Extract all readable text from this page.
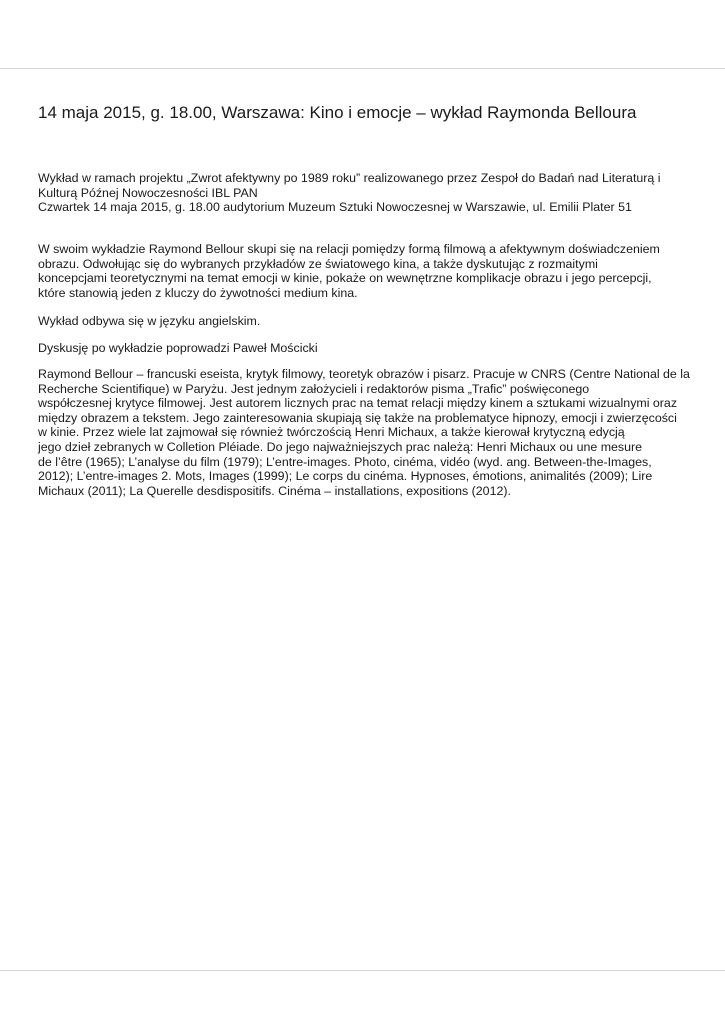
14 maja 2015, g. 18.00, Warszawa: Kino i emocje – wykład Raymonda Belloura
Wykład w ramach projektu „Zwrot afektywny po 1989 roku” realizowanego przez Zespoł do Badań nad Literaturą i
Kulturą Późnej Nowoczesności IBL PAN
Czwartek 14 maja 2015, g. 18.00 audytorium Muzeum Sztuki Nowoczesnej w Warszawie, ul. Emilii Plater 51
W swoim wykładzie Raymond Bellour skupi się na relacji pomiędzy formą filmową a afektywnym doświadczeniem
obrazu. Odwołując się do wybranych przykładów ze światowego kina, a także dyskutując z rozmaitymi
koncepcjami teoretycznymi na temat emocji w kinie, pokaże on wewnętrzne komplikacje obrazu i jego percepcji,
które stanowią jeden z kluczy do żywotności medium kina.
Wykład odbywa się w języku angielskim.
Dyskusję po wykładzie poprowadzi Paweł Mościcki
Raymond Bellour – francuski eseista, krytyk filmowy, teoretyk obrazów i pisarz. Pracuje w CNRS (Centre National de la
Recherche Scientifique) w Paryżu. Jest jednym założycieli i redaktorów pisma „Trafic” poświęconego
współczesnej krytyce filmowej. Jest autorem licznych prac na temat relacji między kinem a sztukami wizualnymi oraz
między obrazem a tekstem. Jego zainteresowania skupiają się także na problematyce hipnozy, emocji i zwierzęcości
w kinie. Przez wiele lat zajmował się również twórczością Henri Michaux, a także kierował krytyczną edycją
jego dzieł zebranych w Colletion Pléiade. Do jego najważniejszych prac należą: Henri Michaux ou une mesure
de l’être (1965); L’analyse du film (1979); L’entre-images. Photo, cinéma, vidéo (wyd. ang. Between-the-Images,
2012); L’entre-images 2. Mots, Images (1999); Le corps du cinéma. Hypnoses, émotions, animalités (2009); Lire
Michaux (2011); La Querelle desdispositifs. Cinéma – installations, expositions (2012).
